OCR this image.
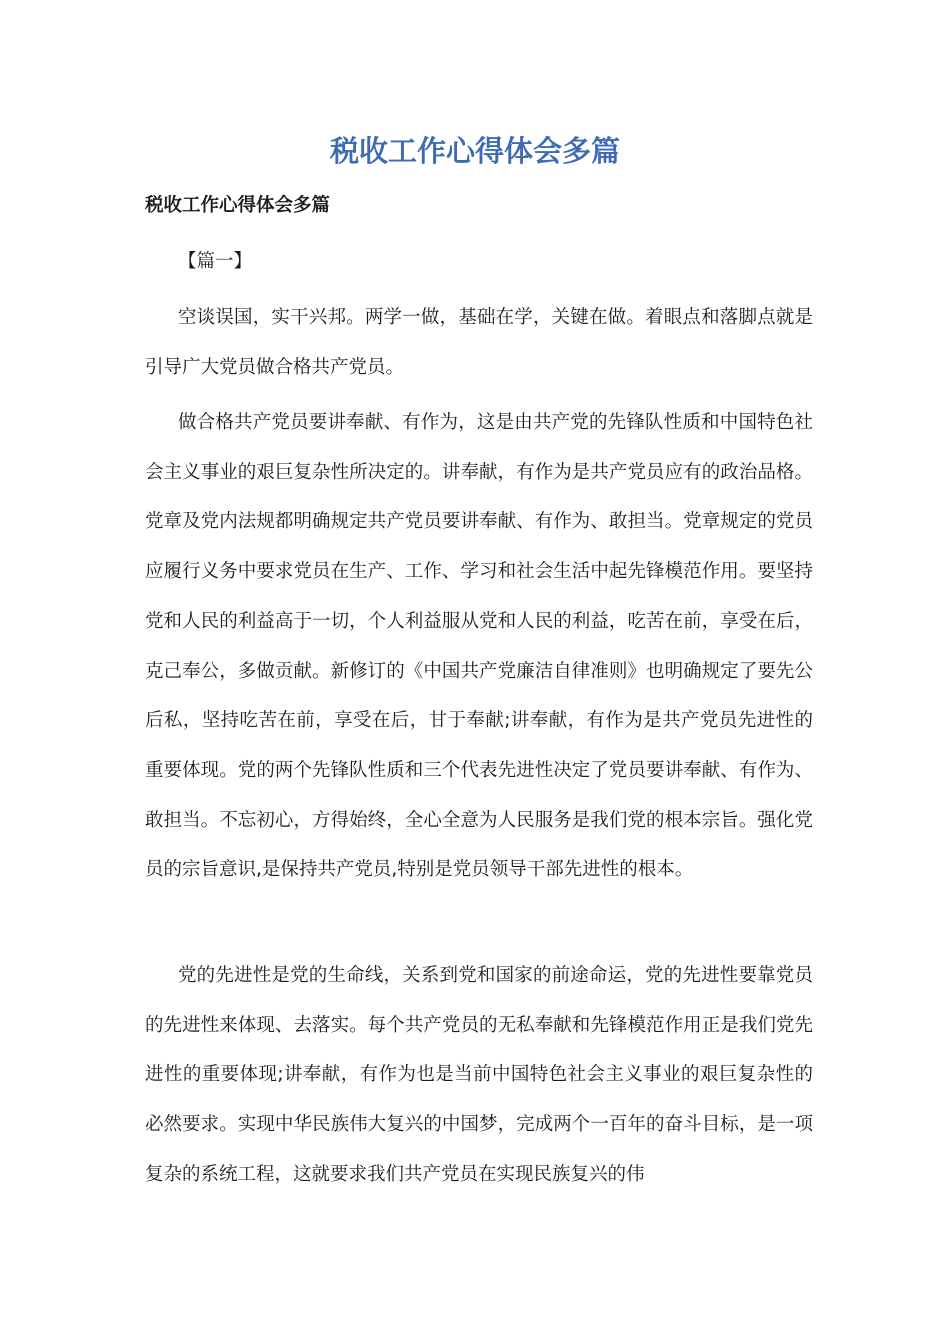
税收工作心得体会多篇
税收工作心得体会多篇
【篇一】

空谈误国，实干兴邦。两学一做，基础在学，关键在做。着眼点和落脚点就是引导广大党员做合格共产党员。

做合格共产党员要讲奉献、有作为，这是由共产党的先锋队性质和中国特色社会主义事业的艰巨复杂性所决定的。讲奉献，有作为是共产党员应有的政治品格。党章及党内法规都明确规定共产党员要讲奉献、有作为、敢担当。党章规定的党员应履行义务中要求党员在生产、工作、学习和社会生活中起先锋模范作用。要坚持党和人民的利益高于一切，个人利益服从党和人民的利益，吃苦在前，享受在后，克己奉公，多做贡献。新修订的《中国共产党廉洁自律准则》也明确规定了要先公后私，坚持吃苦在前，享受在后，甘于奉献;讲奉献，有作为是共产党员先进性的重要体现。党的两个先锋队性质和三个代表先进性决定了党员要讲奉献、有作为、敢担当。不忘初心，方得始终，全心全意为人民服务是我们党的根本宗旨。强化党员的宗旨意识,是保持共产党员,特别是党员领导干部先进性的根本。

党的先进性是党的生命线，关系到党和国家的前途命运，党的先进性要靠党员的先进性来体现、去落实。每个共产党员的无私奉献和先锋模范作用正是我们党先进性的重要体现;讲奉献，有作为也是当前中国特色社会主义事业的艰巨复杂性的必然要求。实现中华民族伟大复兴的中国梦，完成两个一百年的奋斗目标，是一项复杂的系统工程，这就要求我们共产党员在实现民族复兴的伟
